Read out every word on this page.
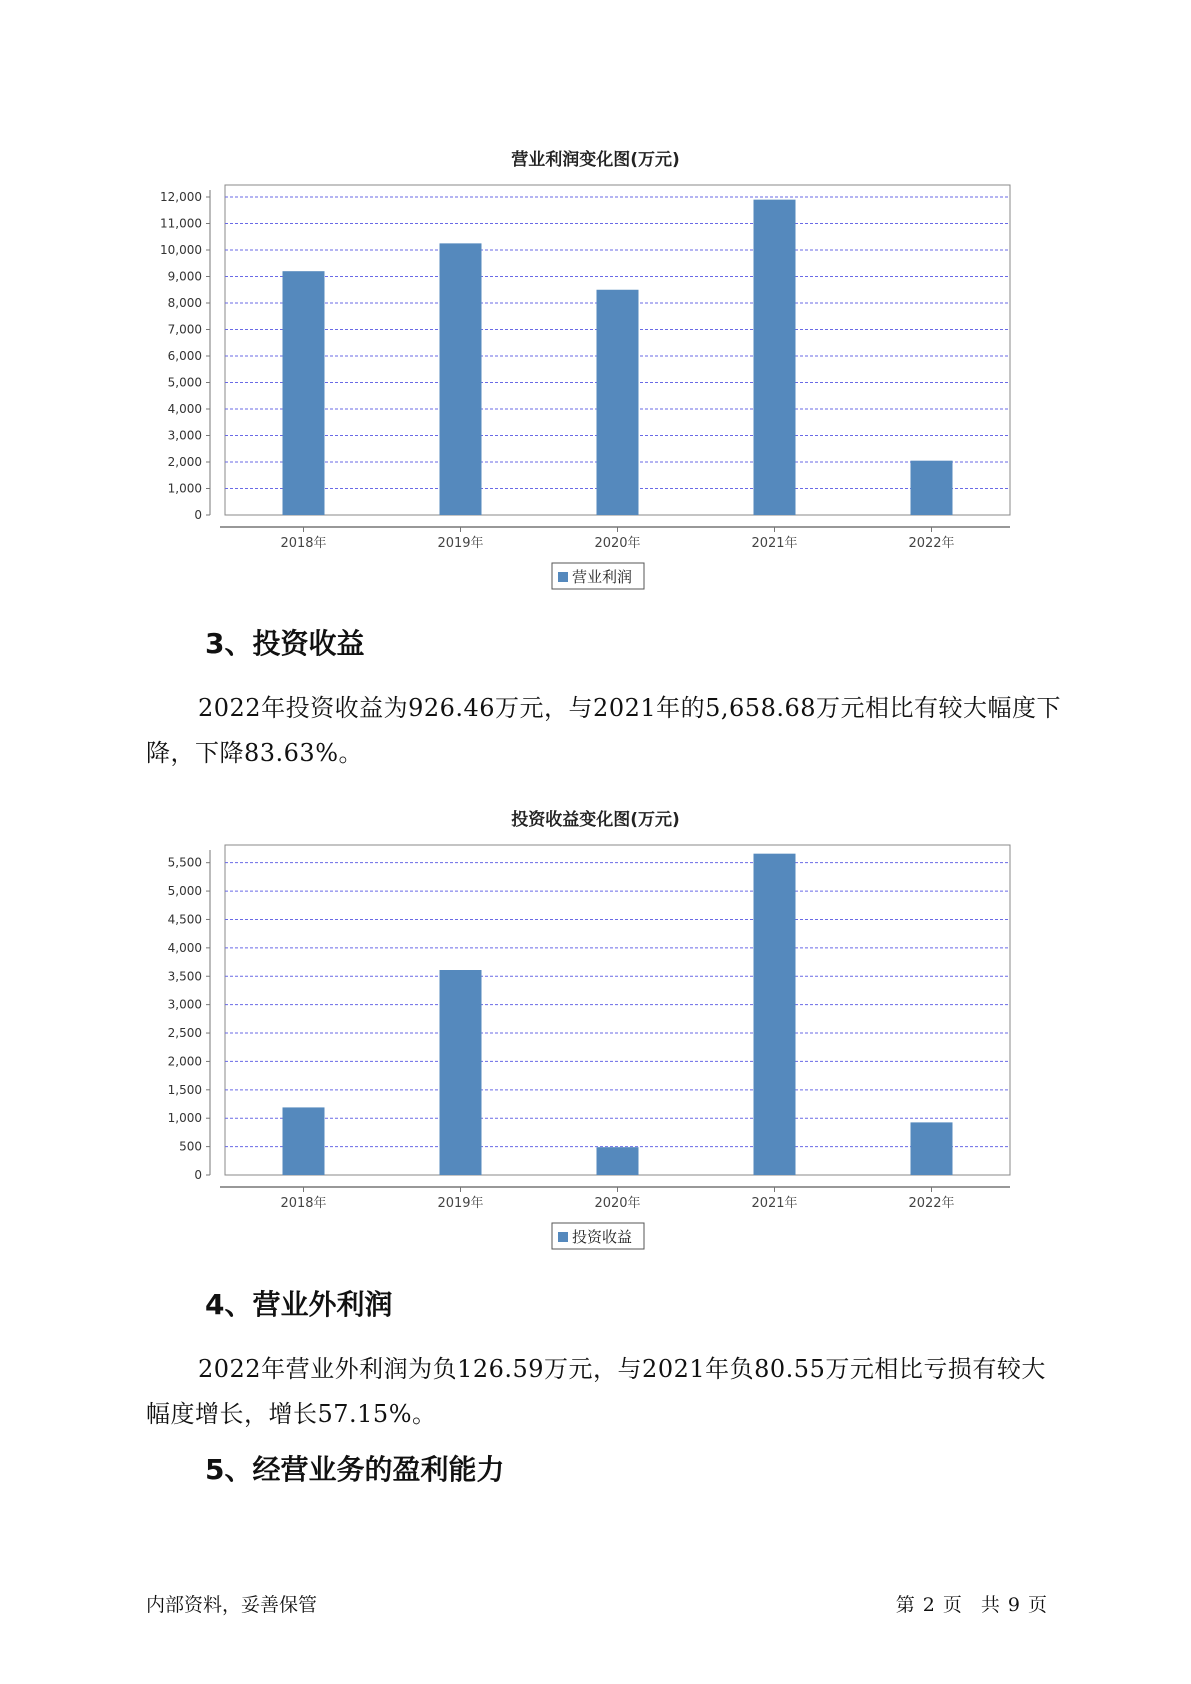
营业利润变化图(万元)
0
1,000
2,000
3,000
4,000
5,000
6,000
7,000
8,000
9,000
10,000
11,000
12,000
2018年	2019年	2020年	2021年	2022年
营业利润
3、投资收益
2022年投资收益为926.46万元，与2021年的5,658.68万元相比有较大幅度下降，下降83.63%。
投资收益变化图(万元)
0
500
1,000
1,500
2,000
2,500
3,000
3,500
4,000
4,500
5,000
5,500
2018年	2019年	2020年	2021年	2022年
投资收益
4、营业外利润
2022年营业外利润为负126.59万元，与2021年负80.55万元相比亏损有较大幅度增长，增长57.15%。
5、经营业务的盈利能力
内部资料，妥善保管	第 2 页　共 9 页
